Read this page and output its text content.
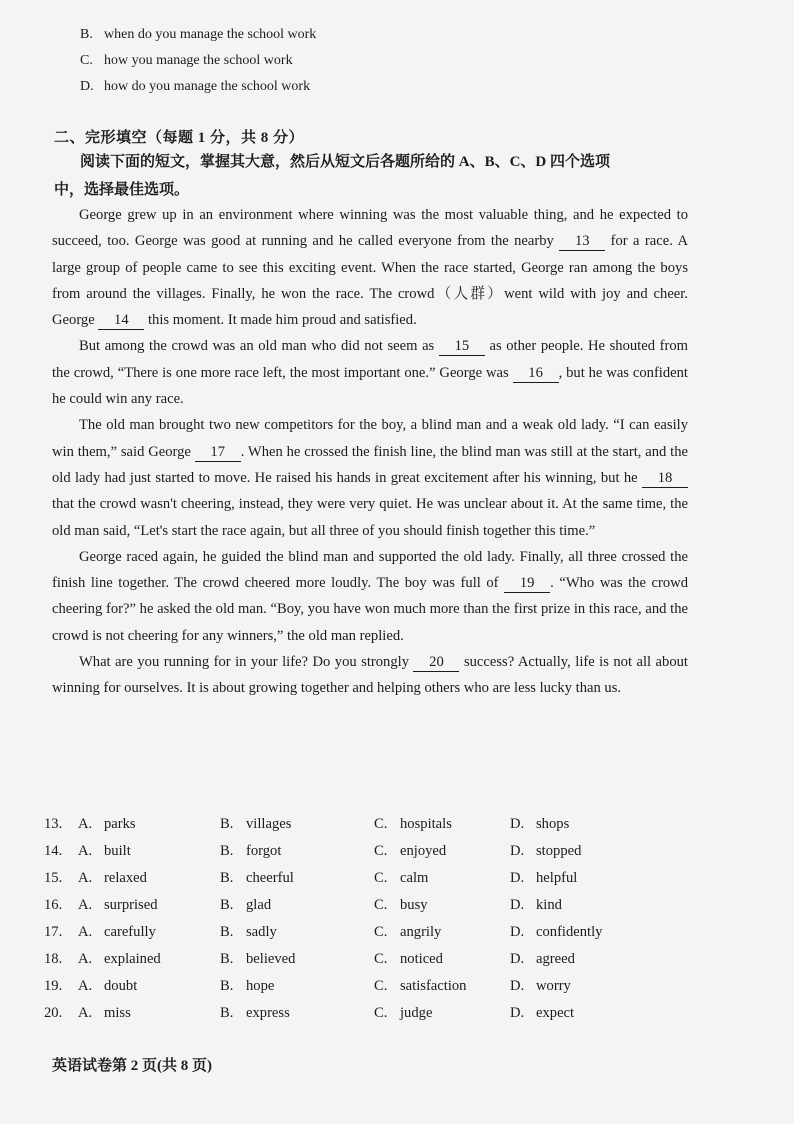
B. when do you manage the school work
C. how you manage the school work
D. how do you manage the school work
二、完形填空（每题 1 分，共 8 分）
阅读下面的短文，掌握其大意，然后从短文后各题所给的 A、B、C、D 四个选项
中，选择最佳选项。

George grew up in an environment where winning was the most valuable thing, and he expected to succeed, too. George was good at running and he called everyone from the nearby 13 for a race. A large group of people came to see this exciting event. When the race started, George ran among the boys from around the villages. Finally, he won the race. The crowd（人群）went wild with joy and cheer. George 14 this moment. It made him proud and satisfied.

But among the crowd was an old man who did not seem as 15 as other people. He shouted from the crowd, “There is one more race left, the most important one.” George was 16 , but he was confident he could win any race.

The old man brought two new competitors for the boy, a blind man and a weak old lady. “I can easily win them,” said George 17 . When he crossed the finish line, the blind man was still at the start, and the old lady had just started to move. He raised his hands in great excitement after his winning, but he 18 that the crowd wasn't cheering, instead, they were very quiet. He was unclear about it. At the same time, the old man said, “Let's start the race again, but all three of you should finish together this time.”

George raced again, he guided the blind man and supported the old lady. Finally, all three crossed the finish line together. The crowd cheered more loudly. The boy was full of 19 . “Who was the crowd cheering for?” he asked the old man. “Boy, you have won much more than the first prize in this race, and the crowd is not cheering for any winners,” the old man replied.

What are you running for in your life? Do you strongly 20 success? Actually, life is not all about winning for ourselves. It is about growing together and helping others who are less lucky than us.

13.	A. parks	B. villages	C. hospitals	D. shops
14.	A. built	B. forgot	C. enjoyed	D. stopped
15.	A. relaxed	B. cheerful	C. calm	D. helpful
16.	A. surprised	B. glad	C. busy	D. kind
17.	A. carefully	B. sadly	C. angrily	D. confidently
18.	A. explained	B. believed	C. noticed	D. agreed
19.	A. doubt	B. hope	C. satisfaction	D. worry
20.	A. miss	B. express	C. judge	D. expect
英语试卷第 2 页(共 8 页)
